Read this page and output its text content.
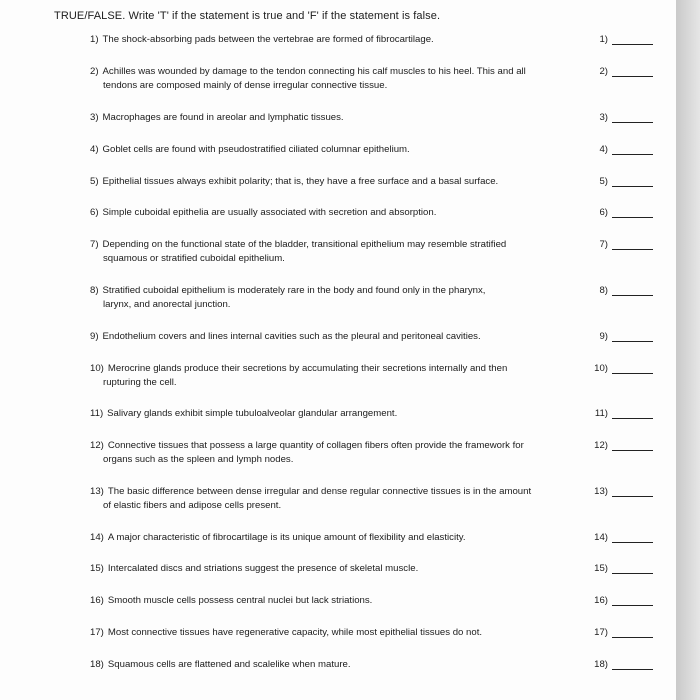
TRUE/FALSE. Write 'T' if the statement is true and 'F' if the statement is false.
1) The shock-absorbing pads between the vertebrae are formed of fibrocartilage.	1)
2) Achilles was wounded by damage to the tendon connecting his calf muscles to his heel. This and all
tendons are composed mainly of dense irregular connective tissue.
2)
3) Macrophages are found in areolar and lymphatic tissues.	3)
4) Goblet cells are found with pseudostratified ciliated columnar epithelium.	4)
5) Epithelial tissues always exhibit polarity; that is, they have a free surface and a basal surface.	5)
6) Simple cuboidal epithelia are usually associated with secretion and absorption.	6)
7) Depending on the functional state of the bladder, transitional epithelium may resemble stratified
squamous or stratified cuboidal epithelium.
7)
8) Stratified cuboidal epithelium is moderately rare in the body and found only in the pharynx,
larynx, and anorectal junction.
8)
9) Endothelium covers and lines internal cavities such as the pleural and peritoneal cavities.	9)
10) Merocrine glands produce their secretions by accumulating their secretions internally and then
rupturing the cell.
10)
11) Salivary glands exhibit simple tubuloalveolar glandular arrangement.	11)
12) Connective tissues that possess a large quantity of collagen fibers often provide the framework for
organs such as the spleen and lymph nodes.
12)
13) The basic difference between dense irregular and dense regular connective tissues is in the amount
of elastic fibers and adipose cells present.
13)
14) A major characteristic of fibrocartilage is its unique amount of flexibility and elasticity.	14)
15) Intercalated discs and striations suggest the presence of skeletal muscle.	15)
16) Smooth muscle cells possess central nuclei but lack striations.	16)
17) Most connective tissues have regenerative capacity, while most epithelial tissues do not.	17)
18) Squamous cells are flattened and scalelike when mature.	18)
